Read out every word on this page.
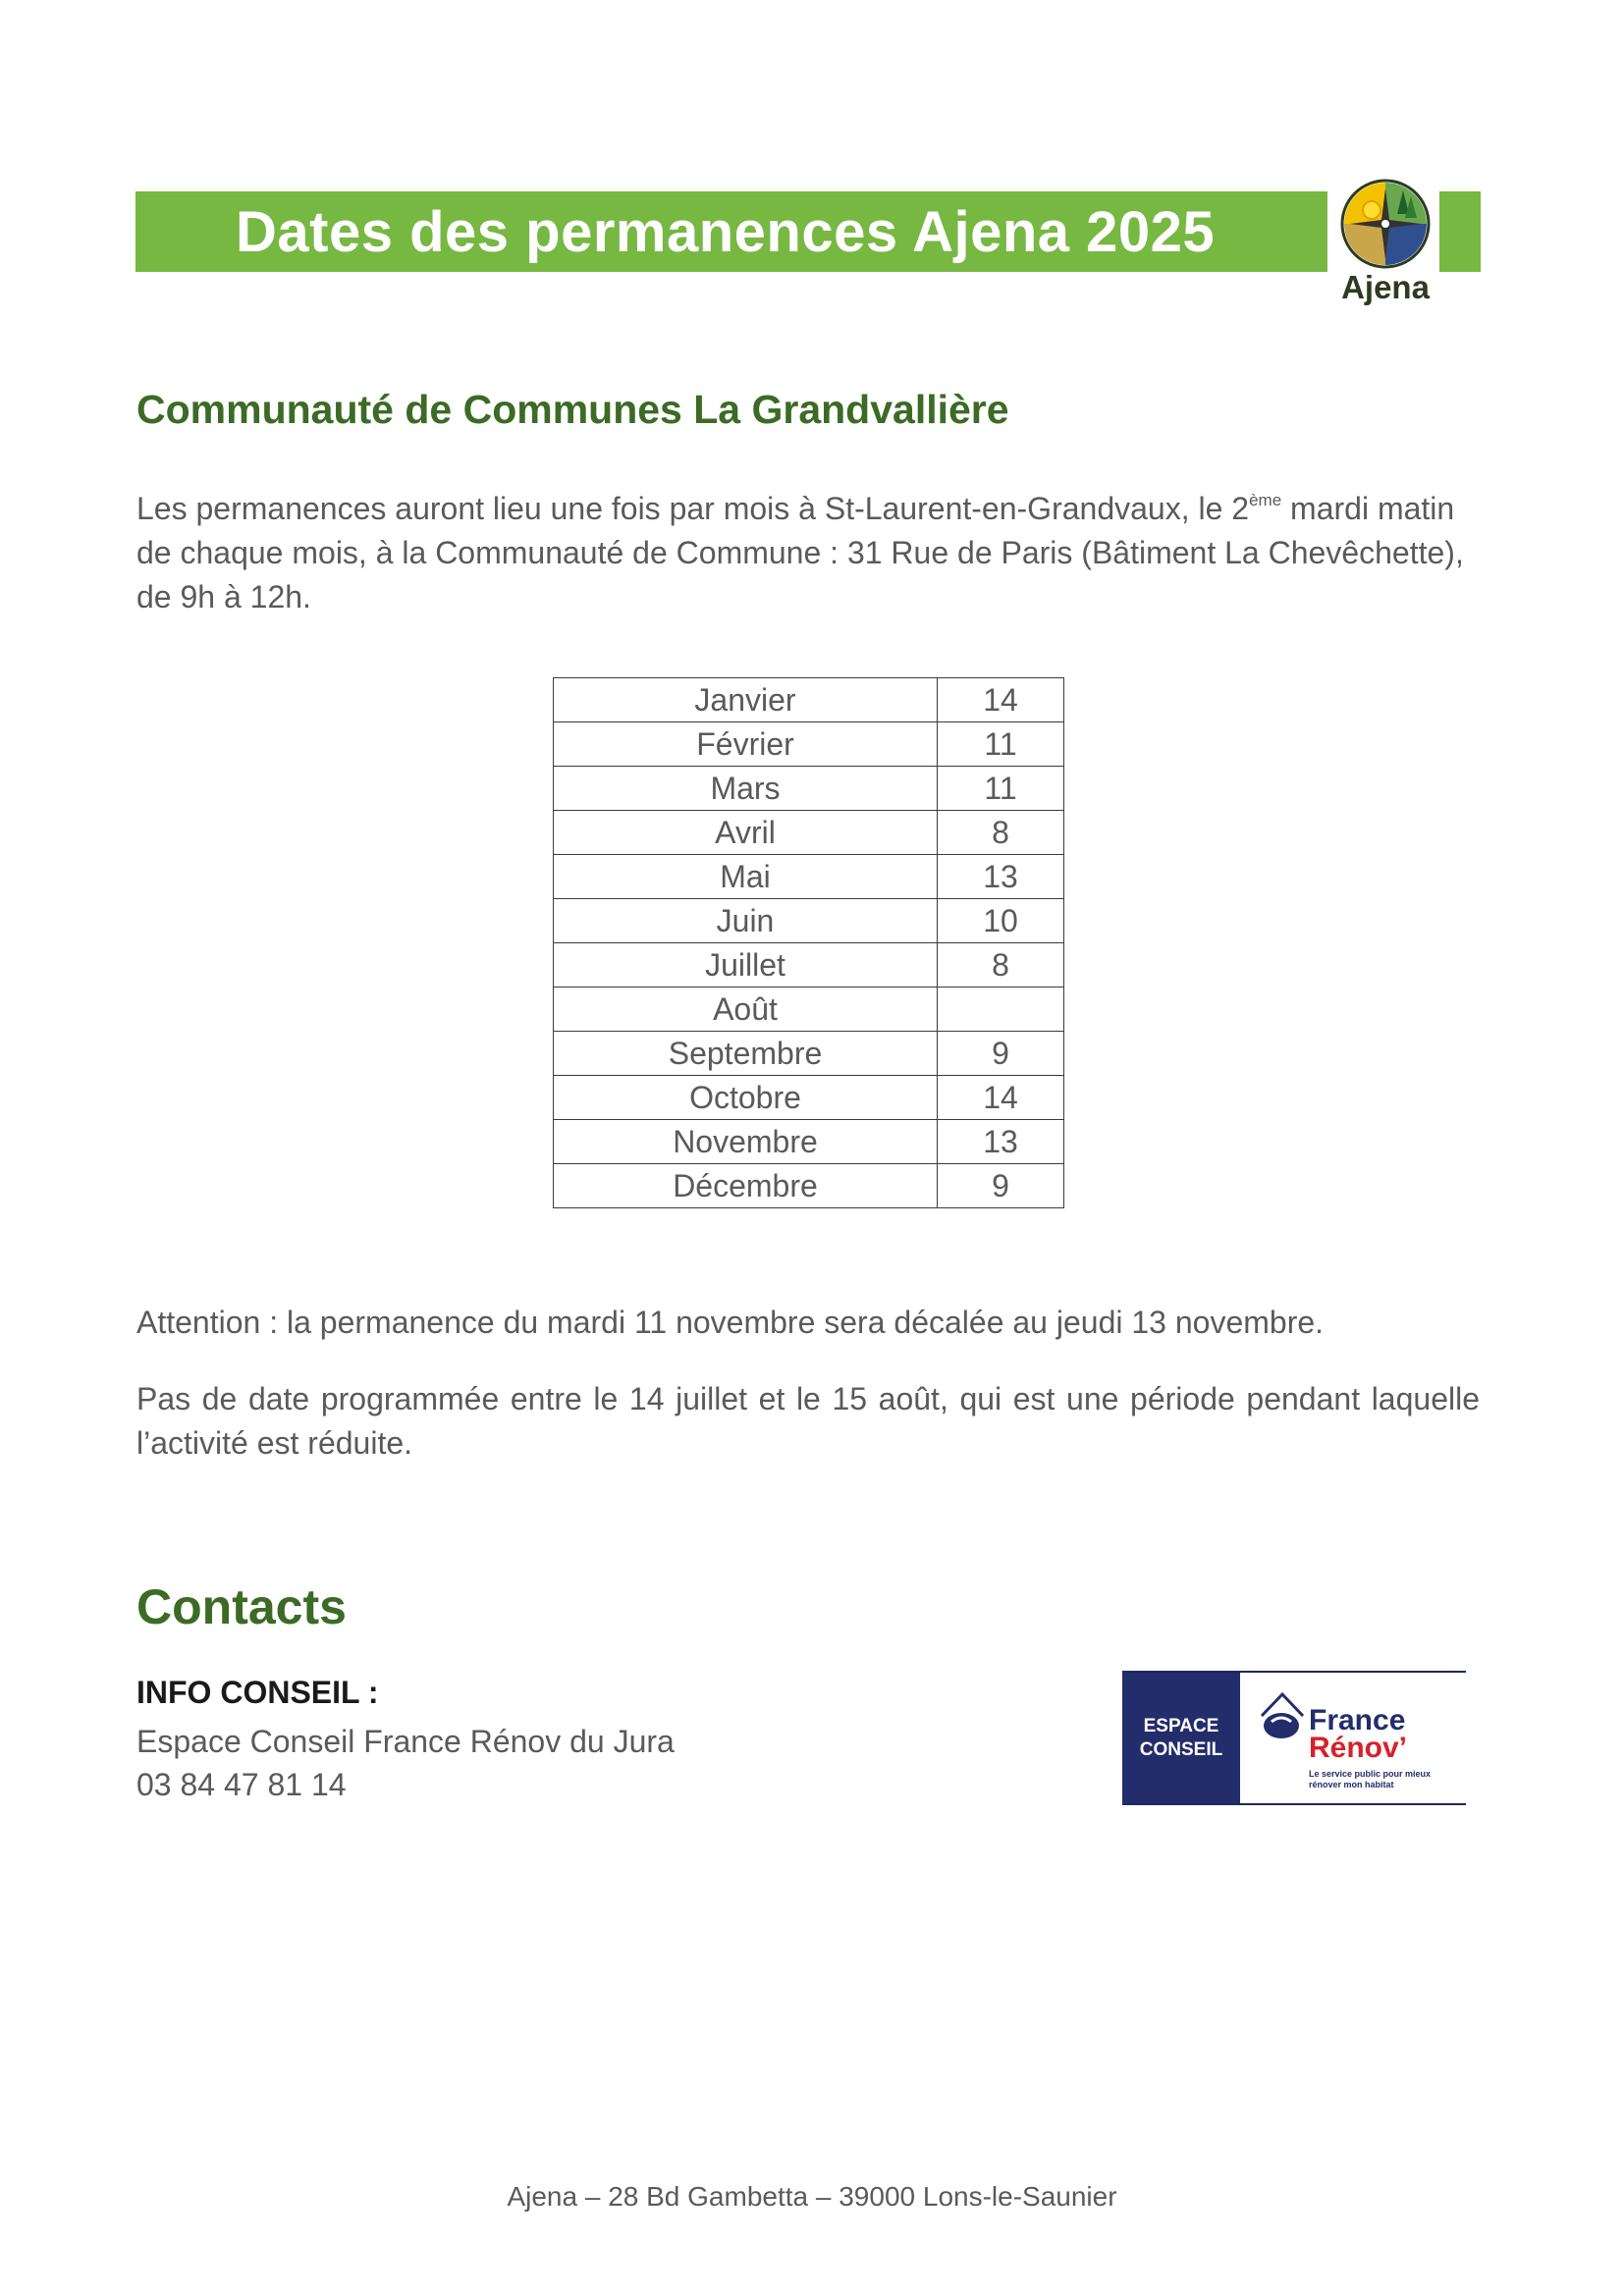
Dates des permanences Ajena 2025
Ajena
Communauté de Communes La Grandvallière
Les permanences auront lieu une fois par mois à St-Laurent-en-Grandvaux, le 2ème mardi matin de chaque mois, à la Communauté de Commune : 31 Rue de Paris (Bâtiment La Chevêchette), de 9h à 12h.
Janvier	14
Février	11
Mars	11
Avril	8
Mai	13
Juin	10
Juillet	8
Août	
Septembre	9
Octobre	14
Novembre	13
Décembre	9
Attention : la permanence du mardi 11 novembre sera décalée au jeudi 13 novembre.
Pas de date programmée entre le 14 juillet et le 15 août, qui est une période pendant laquelle l’activité est réduite.
Contacts
INFO CONSEIL :
Espace Conseil France Rénov du Jura
03 84 47 81 14
ESPACE
CONSEIL
France
Rénov’
Le service public pour mieux rénover mon habitat
Ajena – 28 Bd Gambetta – 39000 Lons-le-Saunier
